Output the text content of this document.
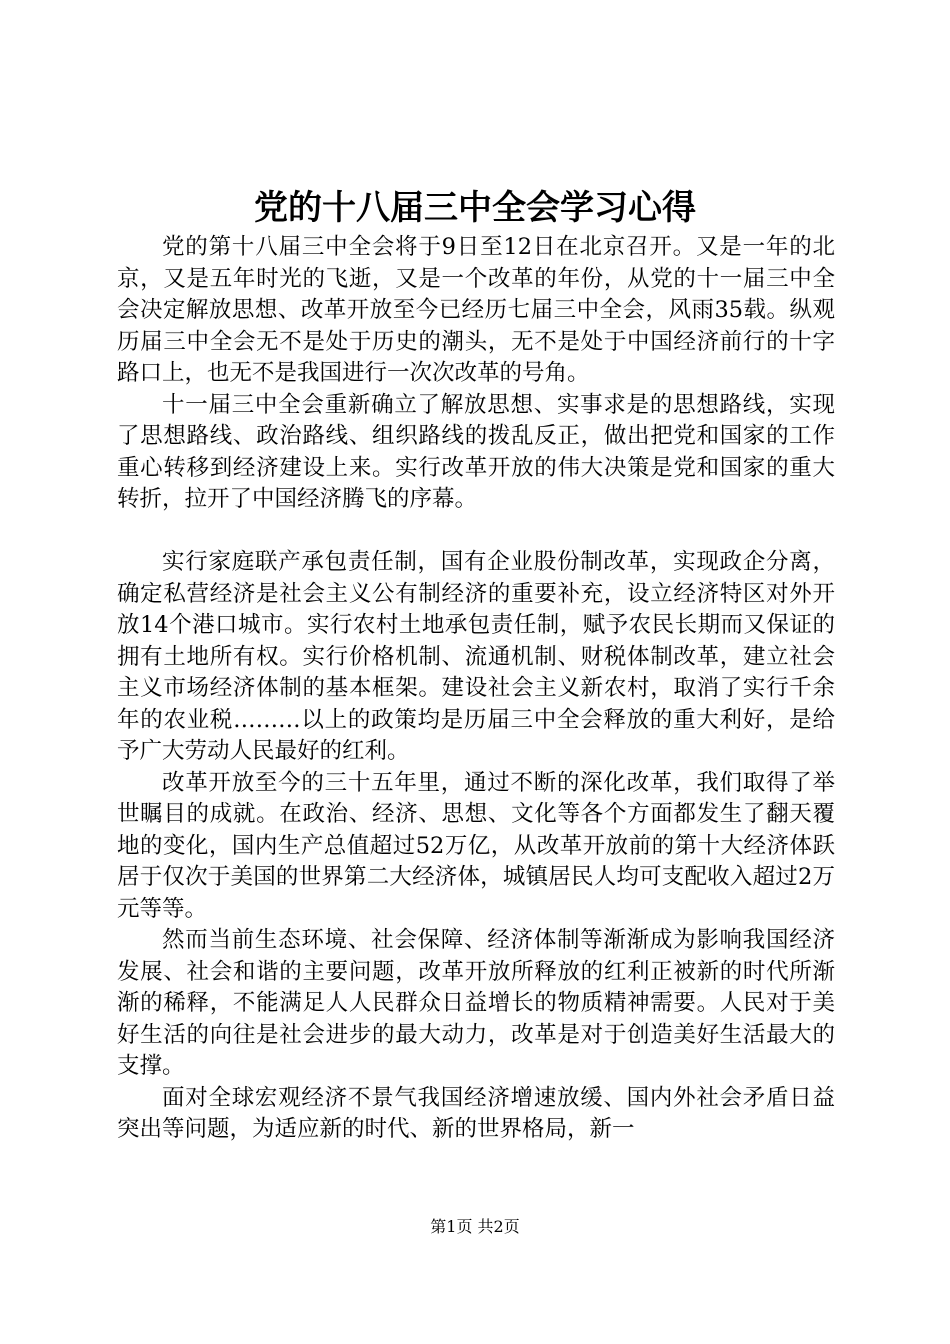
党的十八届三中全会学习心得

党的第十八届三中全会将于9日至12日在北京召开。又是一年的北京，又是五年时光的飞逝，又是一个改革的年份，从党的十一届三中全会决定解放思想、改革开放至今已经历七届三中全会，风雨35载。纵观历届三中全会无不是处于历史的潮头，无不是处于中国经济前行的十字路口上，也无不是我国进行一次次改革的号角。

十一届三中全会重新确立了解放思想、实事求是的思想路线，实现了思想路线、政治路线、组织路线的拨乱反正，做出把党和国家的工作重心转移到经济建设上来。实行改革开放的伟大决策是党和国家的重大转折，拉开了中国经济腾飞的序幕。

实行家庭联产承包责任制，国有企业股份制改革，实现政企分离，确定私营经济是社会主义公有制经济的重要补充，设立经济特区对外开放14个港口城市。实行农村土地承包责任制，赋予农民长期而又保证的拥有土地所有权。实行价格机制、流通机制、财税体制改革，建立社会主义市场经济体制的基本框架。建设社会主义新农村，取消了实行千余年的农业税………以上的政策均是历届三中全会释放的重大利好，是给予广大劳动人民最好的红利。

改革开放至今的三十五年里，通过不断的深化改革，我们取得了举世瞩目的成就。在政治、经济、思想、文化等各个方面都发生了翻天覆地的变化，国内生产总值超过52万亿，从改革开放前的第十大经济体跃居于仅次于美国的世界第二大经济体，城镇居民人均可支配收入超过2万元等等。

然而当前生态环境、社会保障、经济体制等渐渐成为影响我国经济发展、社会和谐的主要问题，改革开放所释放的红利正被新的时代所渐渐的稀释，不能满足人人民群众日益增长的物质精神需要。人民对于美好生活的向往是社会进步的最大动力，改革是对于创造美好生活最大的支撑。

面对全球宏观经济不景气我国经济增速放缓、国内外社会矛盾日益突出等问题，为适应新的时代、新的世界格局，新一

第1页 共2页
